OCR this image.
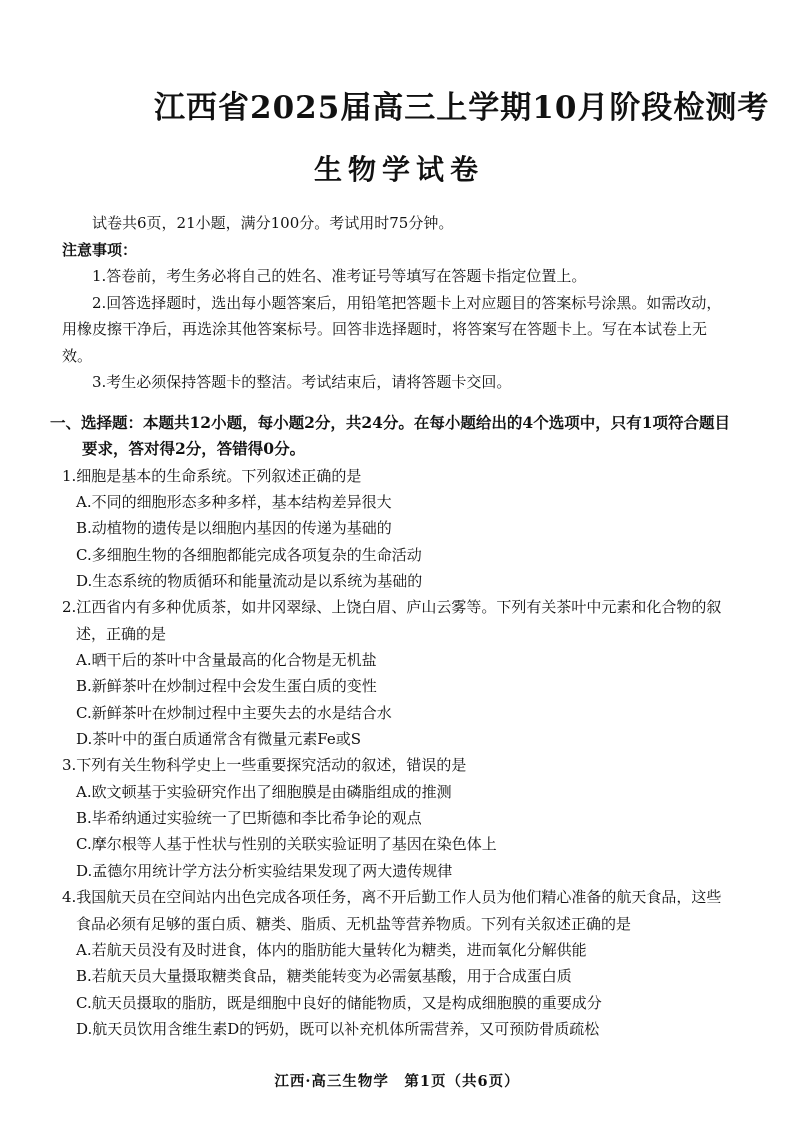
江西省2025届高三上学期10月阶段检测考
生物学试卷

试卷共6页，21小题，满分100分。考试用时75分钟。

注意事项：

1.答卷前，考生务必将自己的姓名、准考证号等填写在答题卡指定位置上。

2.回答选择题时，选出每小题答案后，用铅笔把答题卡上对应题目的答案标号涂黑。如需改动，用橡皮擦干净后，再选涂其他答案标号。回答非选择题时，将答案写在答题卡上。写在本试卷上无效。

3.考生必须保持答题卡的整洁。考试结束后，请将答题卡交回。

一、选择题：本题共12小题，每小题2分，共24分。在每小题给出的4个选项中，只有1项符合题目要求，答对得2分，答错得0分。

1.细胞是基本的生命系统。下列叙述正确的是

A.不同的细胞形态多种多样，基本结构差异很大

B.动植物的遗传是以细胞内基因的传递为基础的

C.多细胞生物的各细胞都能完成各项复杂的生命活动

D.生态系统的物质循环和能量流动是以系统为基础的

2.江西省内有多种优质茶，如井冈翠绿、上饶白眉、庐山云雾等。下列有关茶叶中元素和化合物的叙述，正确的是

A.晒干后的茶叶中含量最高的化合物是无机盐

B.新鲜茶叶在炒制过程中会发生蛋白质的变性

C.新鲜茶叶在炒制过程中主要失去的水是结合水

D.茶叶中的蛋白质通常含有微量元素Fe或S

3.下列有关生物科学史上一些重要探究活动的叙述，错误的是

A.欧文顿基于实验研究作出了细胞膜是由磷脂组成的推测

B.毕希纳通过实验统一了巴斯德和李比希争论的观点

C.摩尔根等人基于性状与性别的关联实验证明了基因在染色体上

D.孟德尔用统计学方法分析实验结果发现了两大遗传规律

4.我国航天员在空间站内出色完成各项任务，离不开后勤工作人员为他们精心准备的航天食品，这些食品必须有足够的蛋白质、糖类、脂质、无机盐等营养物质。下列有关叙述正确的是

A.若航天员没有及时进食，体内的脂肪能大量转化为糖类，进而氧化分解供能

B.若航天员大量摄取糖类食品，糖类能转变为必需氨基酸，用于合成蛋白质

C.航天员摄取的脂肪，既是细胞中良好的储能物质，又是构成细胞膜的重要成分

D.航天员饮用含维生素D的钙奶，既可以补充机体所需营养，又可预防骨质疏松

江西·高三生物学　第1页（共6页）
